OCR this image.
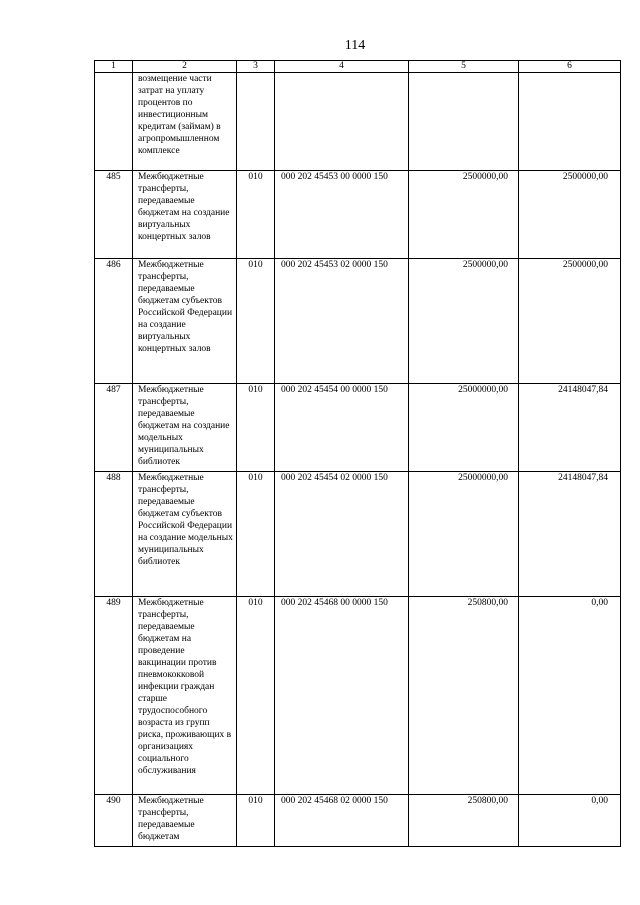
114
1	2	3	4	5	6
	возмещение части затрат на уплату процентов по инвестиционным кредитам (займам) в агропромышленном комплексе				
485	Межбюджетные трансферты, передаваемые бюджетам на создание виртуальных концертных залов	010	000 202 45453 00 0000 150	2500000,00	2500000,00
486	Межбюджетные трансферты, передаваемые бюджетам субъектов Российской Федерации на создание виртуальных концертных залов	010	000 202 45453 02 0000 150	2500000,00	2500000,00
487	Межбюджетные трансферты, передаваемые бюджетам на создание модельных муниципальных библиотек	010	000 202 45454 00 0000 150	25000000,00	24148047,84
488	Межбюджетные трансферты, передаваемые бюджетам субъектов Российской Федерации на создание модельных муниципальных библиотек	010	000 202 45454 02 0000 150	25000000,00	24148047,84
489	Межбюджетные трансферты, передаваемые бюджетам на проведение вакцинации против пневмококковой инфекции граждан старше трудоспособного возраста из групп риска, проживающих в организациях социального обслуживания	010	000 202 45468 00 0000 150	250800,00	0,00
490	Межбюджетные трансферты, передаваемые бюджетам	010	000 202 45468 02 0000 150	250800,00	0,00
